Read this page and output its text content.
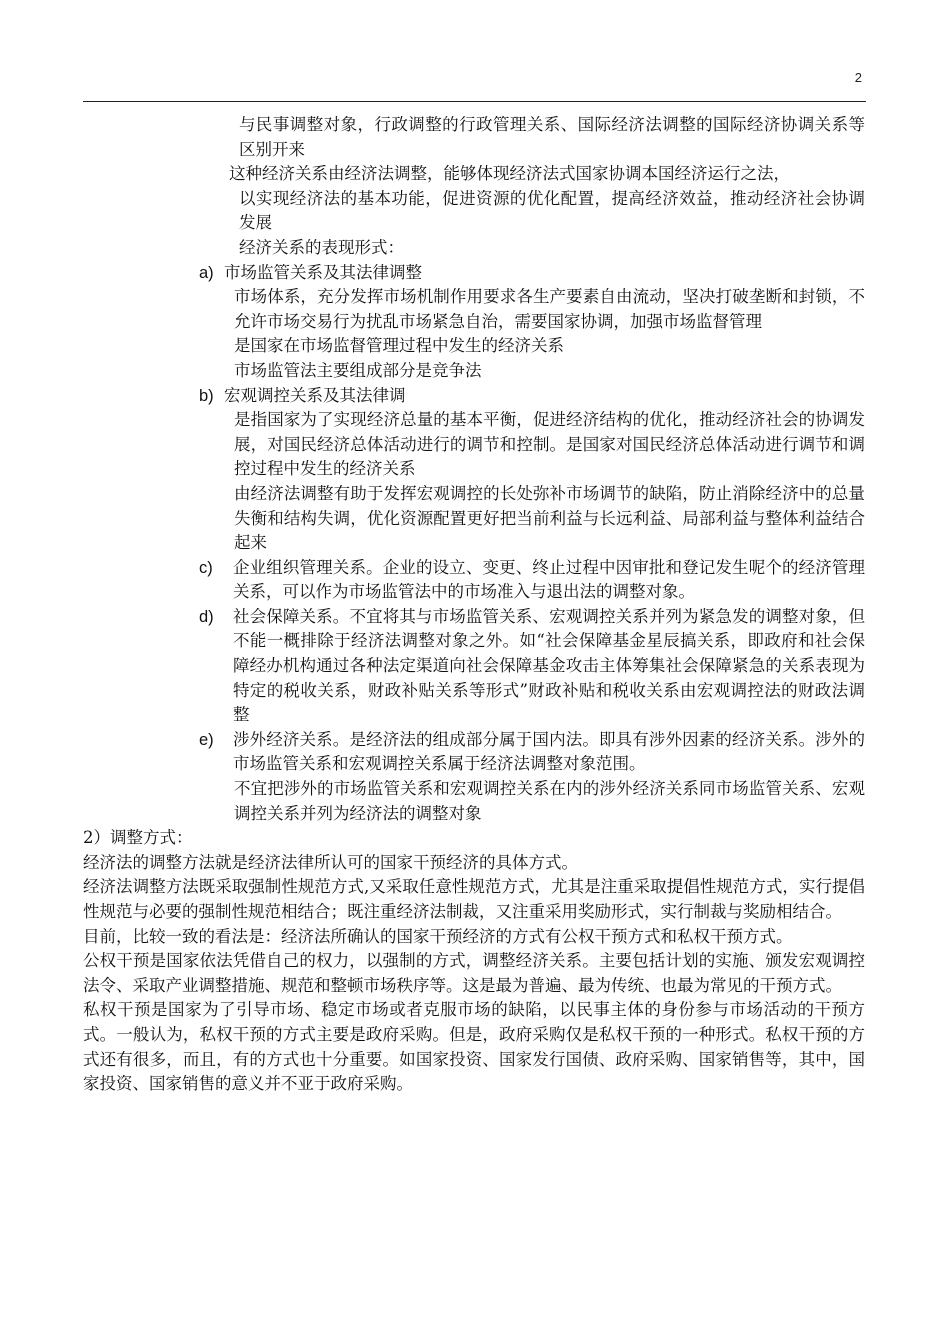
2

与民事调整对象，行政调整的行政管理关系、国际经济法调整的国际经济协调关系等区别开来

这种经济关系由经济法调整，能够体现经济法式国家协调本国经济运行之法，

以实现经济法的基本功能，促进资源的优化配置，提高经济效益，推动经济社会协调发展

经济关系的表现形式：

a) 市场监管关系及其法律调整

市场体系，充分发挥市场机制作用要求各生产要素自由流动，坚决打破垄断和封锁，不允许市场交易行为扰乱市场紧急自治，需要国家协调，加强市场监督管理

是国家在市场监督管理过程中发生的经济关系

市场监管法主要组成部分是竞争法

b) 宏观调控关系及其法律调

是指国家为了实现经济总量的基本平衡，促进经济结构的优化，推动经济社会的协调发展，对国民经济总体活动进行的调节和控制。是国家对国民经济总体活动进行调节和调控过程中发生的经济关系

由经济法调整有助于发挥宏观调控的长处弥补市场调节的缺陷，防止消除经济中的总量失衡和结构失调，优化资源配置更好把当前利益与长远利益、局部利益与整体利益结合起来

c) 企业组织管理关系。企业的设立、变更、终止过程中因审批和登记发生呢个的经济管理关系，可以作为市场监管法中的市场准入与退出法的调整对象。

d) 社会保障关系。不宜将其与市场监管关系、宏观调控关系并列为紧急发的调整对象，但不能一概排除于经济法调整对象之外。如“社会保障基金星辰搞关系，即政府和社会保障经办机构通过各种法定渠道向社会保障基金攻击主体筹集社会保障紧急的关系表现为特定的税收关系，财政补贴关系等形式”财政补贴和税收关系由宏观调控法的财政法调整

e) 涉外经济关系。是经济法的组成部分属于国内法。即具有涉外因素的经济关系。涉外的市场监管关系和宏观调控关系属于经济法调整对象范围。

不宜把涉外的市场监管关系和宏观调控关系在内的涉外经济关系同市场监管关系、宏观调控关系并列为经济法的调整对象

2）调整方式：

经济法的调整方法就是经济法律所认可的国家干预经济的具体方式。

经济法调整方法既采取强制性规范方式,又采取任意性规范方式，尤其是注重采取提倡性规范方式，实行提倡性规范与必要的强制性规范相结合；既注重经济法制裁，又注重采用奖励形式，实行制裁与奖励相结合。

目前，比较一致的看法是：经济法所确认的国家干预经济的方式有公权干预方式和私权干预方式。

公权干预是国家依法凭借自己的权力，以强制的方式，调整经济关系。主要包括计划的实施、颁发宏观调控法令、采取产业调整措施、规范和整顿市场秩序等。这是最为普遍、最为传统、也最为常见的干预方式。

私权干预是国家为了引导市场、稳定市场或者克服市场的缺陷，以民事主体的身份参与市场活动的干预方式。一般认为，私权干预的方式主要是政府采购。但是，政府采购仅是私权干预的一种形式。私权干预的方式还有很多，而且，有的方式也十分重要。如国家投资、国家发行国债、政府采购、国家销售等，其中，国家投资、国家销售的意义并不亚于政府采购。
